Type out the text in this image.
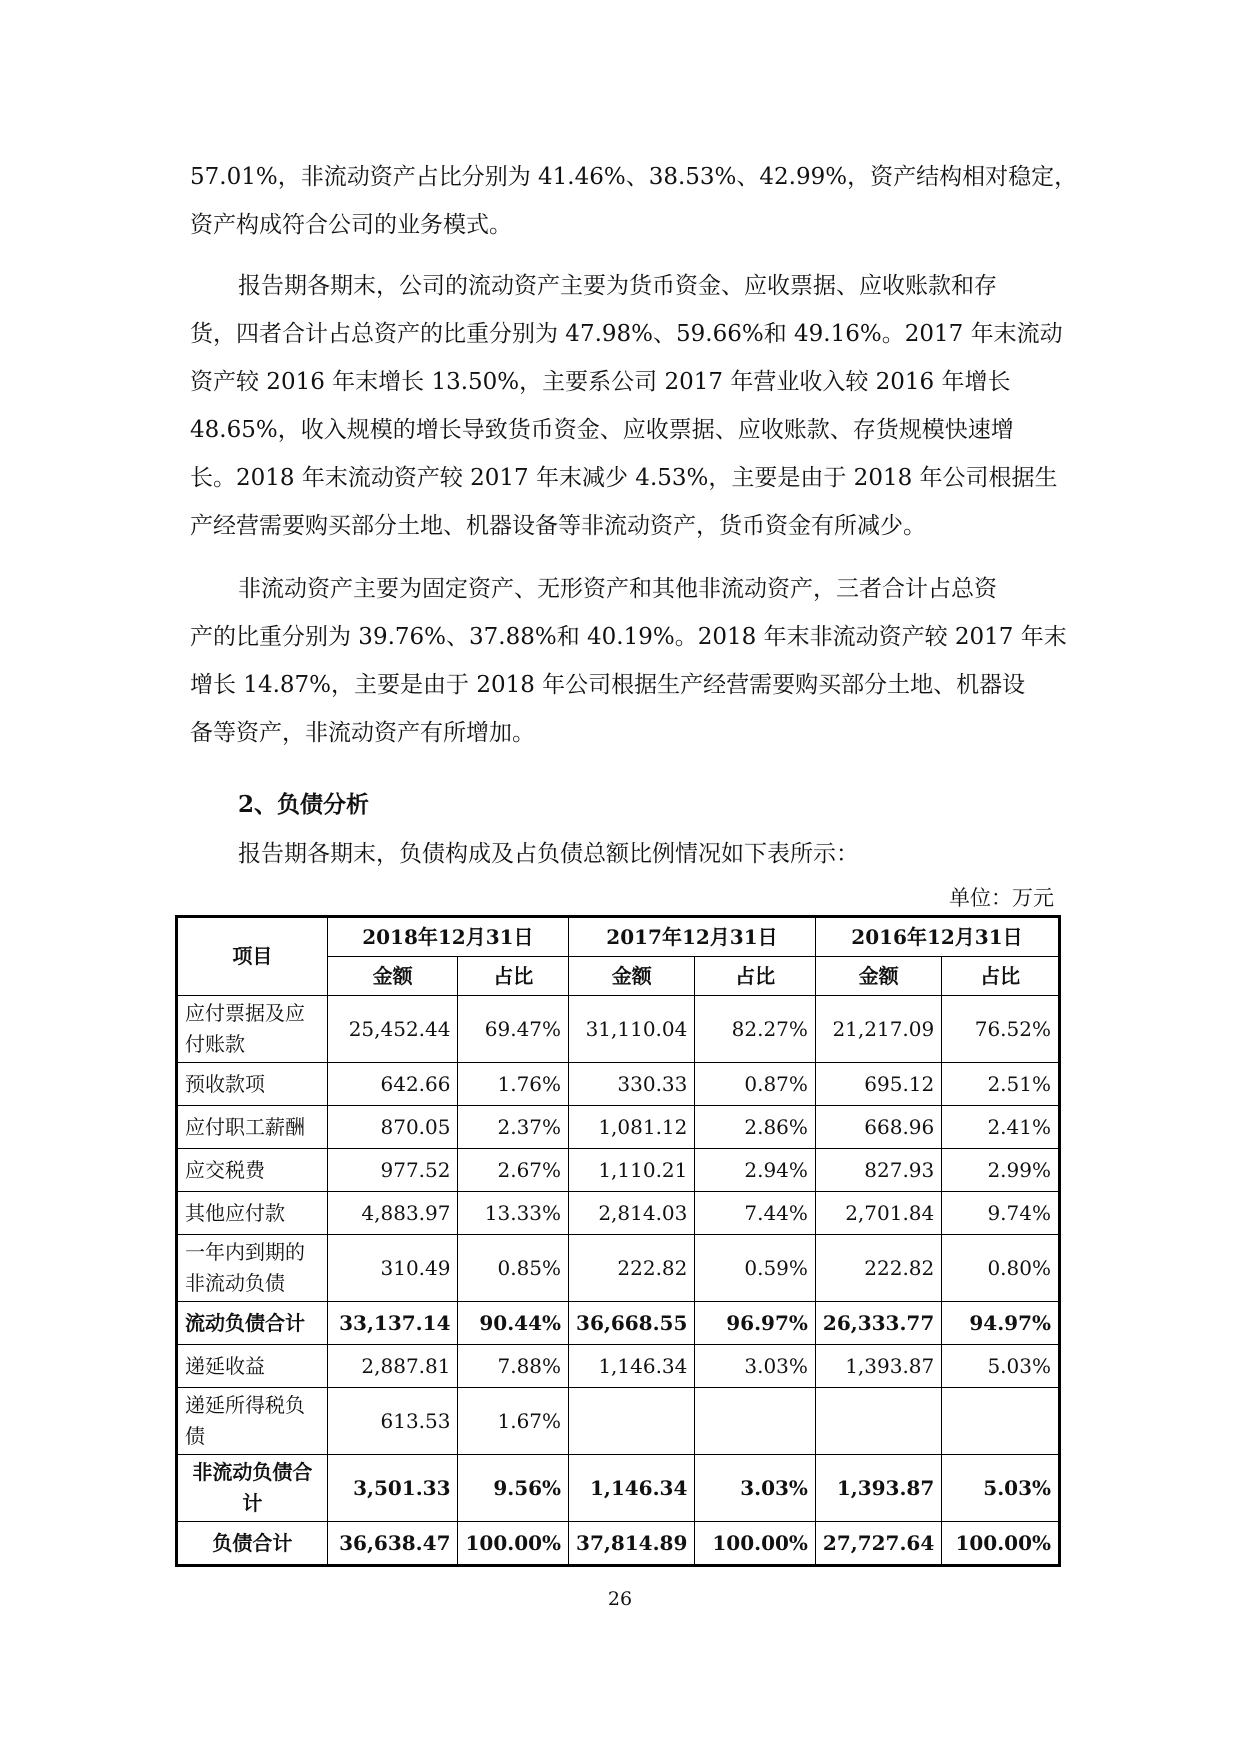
57.01%，非流动资产占比分别为 41.46%、38.53%、42.99%，资产结构相对稳定，
资产构成符合公司的业务模式。
报告期各期末，公司的流动资产主要为货币资金、应收票据、应收账款和存
货，四者合计占总资产的比重分别为 47.98%、59.66%和 49.16%。2017 年末流动
资产较 2016 年末增长 13.50%，主要系公司 2017 年营业收入较 2016 年增长
48.65%，收入规模的增长导致货币资金、应收票据、应收账款、存货规模快速增
长。2018 年末流动资产较 2017 年末减少 4.53%，主要是由于 2018 年公司根据生
产经营需要购买部分土地、机器设备等非流动资产，货币资金有所减少。
非流动资产主要为固定资产、无形资产和其他非流动资产，三者合计占总资
产的比重分别为 39.76%、37.88%和 40.19%。2018 年末非流动资产较 2017 年末
增长 14.87%，主要是由于 2018 年公司根据生产经营需要购买部分土地、机器设
备等资产，非流动资产有所增加。
2、负债分析

报告期各期末，负债构成及占负债总额比例情况如下表所示：

单位：万元

项目	2018年12月31日		2017年12月31日		2016年12月31日	
	金额	占比	金额	占比	金额	占比
应付票据及应付账款	25,452.44	69.47%	31,110.04	82.27%	21,217.09	76.52%
预收款项	642.66	1.76%	330.33	0.87%	695.12	2.51%
应付职工薪酬	870.05	2.37%	1,081.12	2.86%	668.96	2.41%
应交税费	977.52	2.67%	1,110.21	2.94%	827.93	2.99%
其他应付款	4,883.97	13.33%	2,814.03	7.44%	2,701.84	9.74%
一年内到期的非流动负债	310.49	0.85%	222.82	0.59%	222.82	0.80%
流动负债合计	33,137.14	90.44%	36,668.55	96.97%	26,333.77	94.97%
递延收益	2,887.81	7.88%	1,146.34	3.03%	1,393.87	5.03%
递延所得税负债	613.53	1.67%				
非流动负债合计	3,501.33	9.56%	1,146.34	3.03%	1,393.87	5.03%
负债合计	36,638.47	100.00%	37,814.89	100.00%	27,727.64	100.00%

26
